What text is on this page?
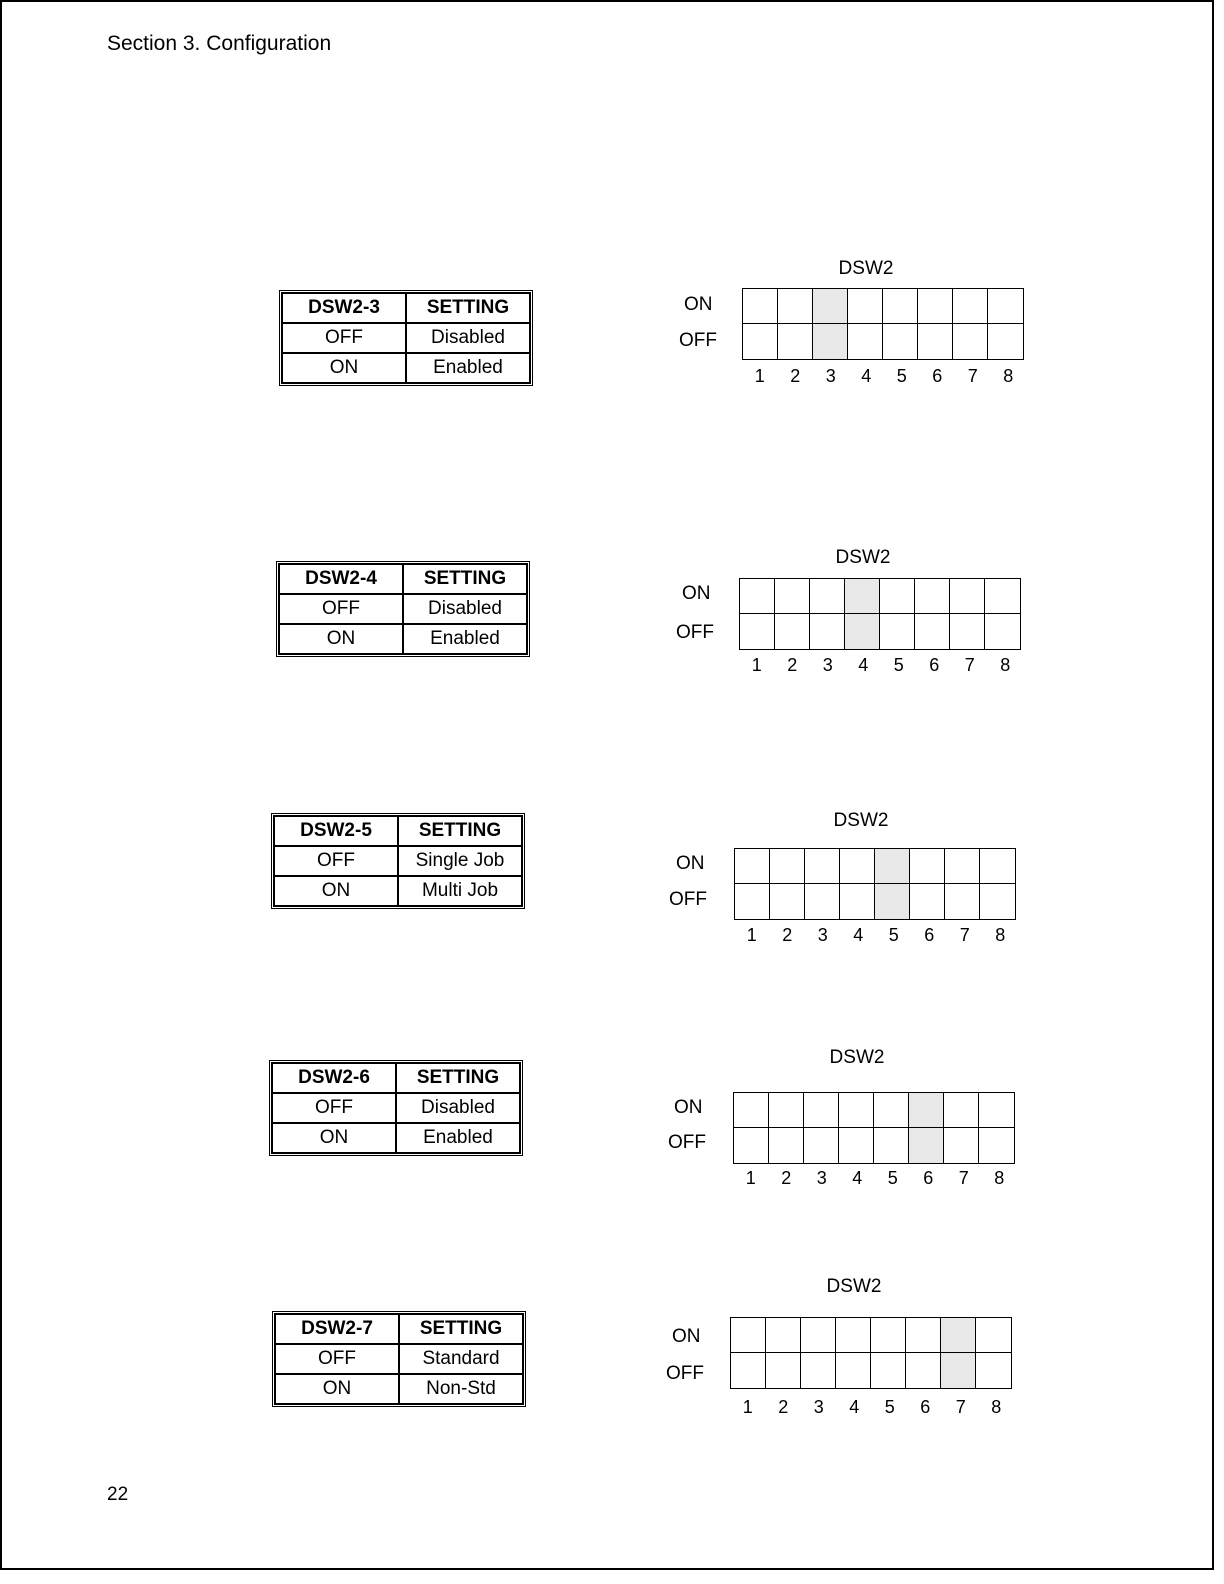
Section 3. Configuration
DSW2-3	SETTING
OFF	Disabled
ON	Enabled
DSW2
ON
OFF
1	2	3	4	5	6	7	8
DSW2-4	SETTING
OFF	Disabled
ON	Enabled
DSW2
ON
OFF
1	2	3	4	5	6	7	8
DSW2-5	SETTING
OFF	Single Job
ON	Multi Job
DSW2
ON
OFF
1	2	3	4	5	6	7	8
DSW2-6	SETTING
OFF	Disabled
ON	Enabled
DSW2
ON
OFF
1	2	3	4	5	6	7	8
DSW2-7	SETTING
OFF	Standard
ON	Non-Std
DSW2
ON
OFF
1	2	3	4	5	6	7	8
22
